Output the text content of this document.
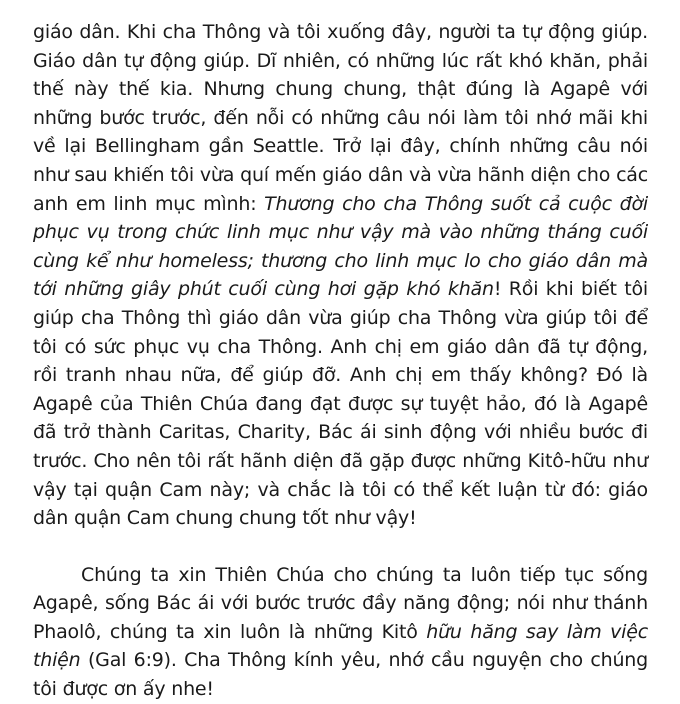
giáo dân. Khi cha Thông và tôi xuống đây, người ta tự động giúp. Giáo dân tự động giúp. Dĩ nhiên, có những lúc rất khó khăn, phải thế này thế kia. Nhưng chung chung, thật đúng là Agapê với những bước trước, đến nỗi có những câu nói làm tôi nhớ mãi khi về lại Bellingham gần Seattle. Trở lại đây, chính những câu nói như sau khiến tôi vừa quí mến giáo dân và vừa hãnh diện cho các anh em linh mục mình: Thương cho cha Thông suốt cả cuộc đời phục vụ trong chức linh mục như vậy mà vào những tháng cuối cùng kể như homeless; thương cho linh mục lo cho giáo dân mà tới những giây phút cuối cùng hơi gặp khó khăn! Rồi khi biết tôi giúp cha Thông thì giáo dân vừa giúp cha Thông vừa giúp tôi để tôi có sức phục vụ cha Thông. Anh chị em giáo dân đã tự động, rồi tranh nhau nữa, để giúp đỡ. Anh chị em thấy không? Đó là Agapê của Thiên Chúa đang đạt được sự tuyệt hảo, đó là Agapê đã trở thành Caritas, Charity, Bác ái sinh động với nhiều bước đi trước. Cho nên tôi rất hãnh diện đã gặp được những Kitô-hữu như vậy tại quận Cam này; và chắc là tôi có thể kết luận từ đó: giáo dân quận Cam chung chung tốt như vậy!

Chúng ta xin Thiên Chúa cho chúng ta luôn tiếp tục sống Agapê, sống Bác ái với bước trước đầy năng động; nói như thánh Phaolô, chúng ta xin luôn là những Kitô hữu hăng say làm việc thiện (Gal 6:9). Cha Thông kính yêu, nhớ cầu nguyện cho chúng tôi được ơn ấy nhe!
